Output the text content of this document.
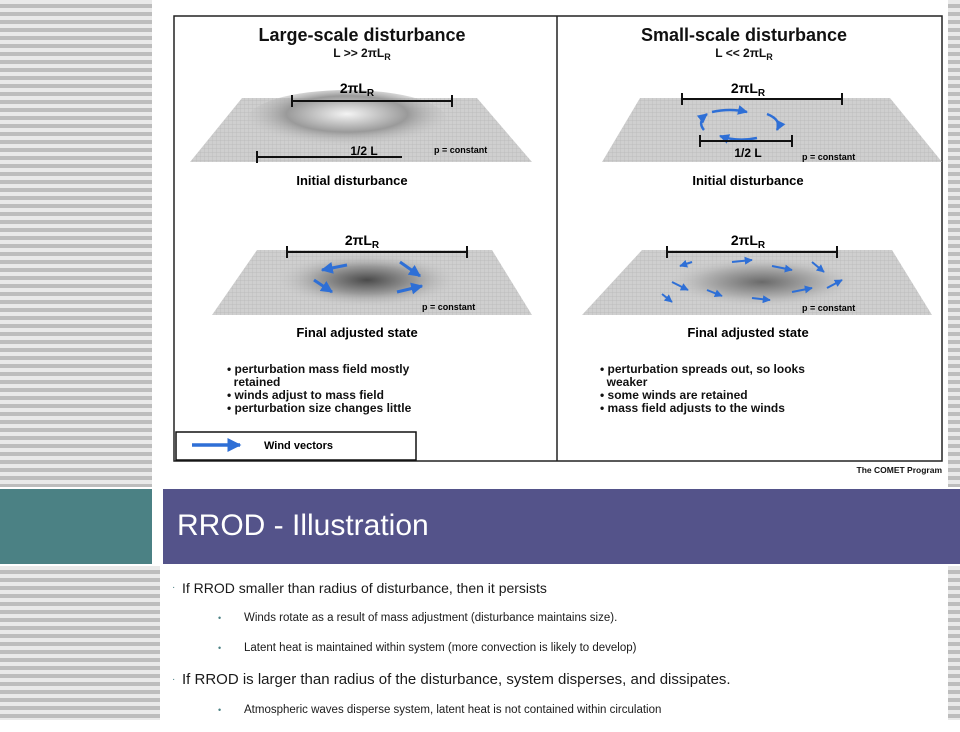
Large-scale disturbance
$L >> 2\pi L_R$
Small-scale disturbance
$L << 2\pi L_R$
$2\pi L_R$
1/2 L	p = constant
Initial disturbance
$2\pi L_R$
p = constant
Final adjusted state
• perturbation mass field mostly
retained
• winds adjust to mass field
• perturbation size changes little
Wind vectors
$2\pi L_R$
1/2 L	p = constant
Initial disturbance
$2\pi L_R$
p = constant
Final adjusted state
• perturbation spreads out, so looks
weaker
• some winds are retained
• mass field adjusts to the winds
The COMET Program
RROD - Illustration
· If RROD smaller than radius of disturbance, then it persists
• Winds rotate as a result of mass adjustment (disturbance maintains size).
• Latent heat is maintained within system (more convection is likely to develop)
· If RROD is larger than radius of the disturbance, system disperses, and dissipates.
• Atmospheric waves disperse system, latent heat is not contained within circulation
